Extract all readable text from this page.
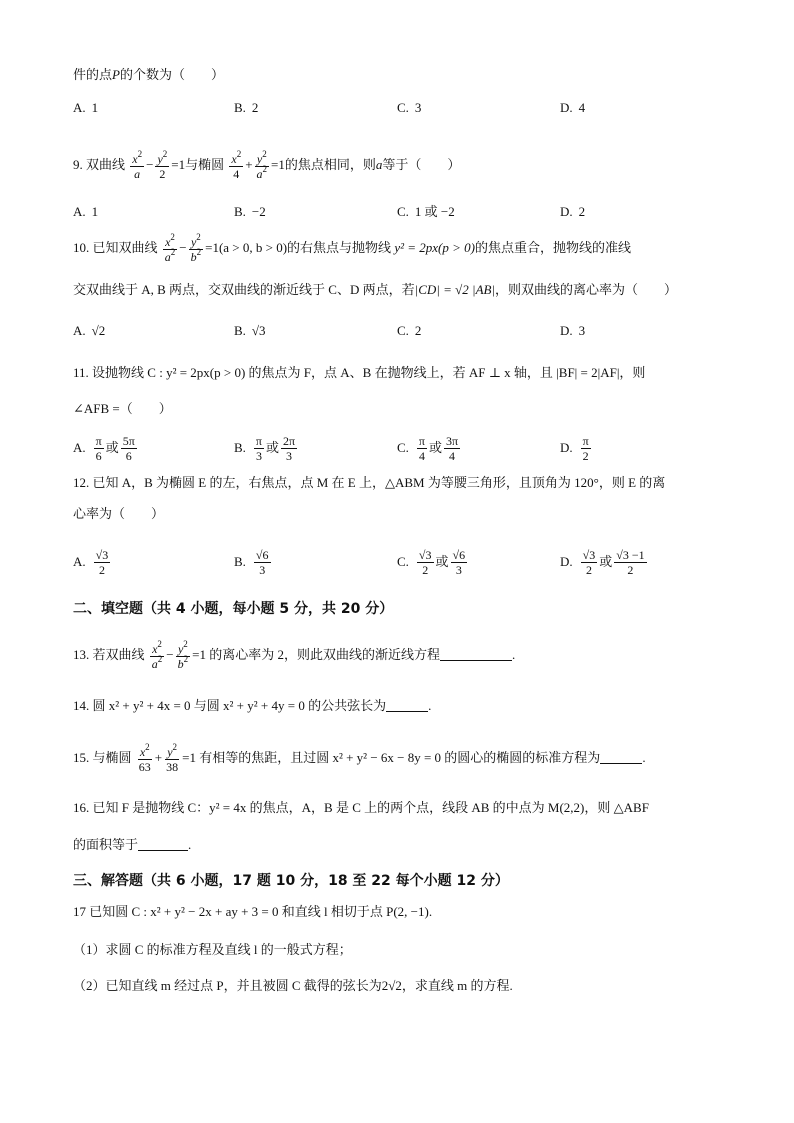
件的点P的个数为（　　）
A. 1	B. 2	C. 3	D. 4
9. 双曲线 $\frac{x^2}{a} - \frac{y^2}{2} =1$与椭圆 $\frac{x^2}{4} + \frac{y^2}{a^2} =1$的焦点相同，则a等于（　　）
A. 1	B. −2	C. 1 或 −2	D. 2
10. 已知双曲线 $\frac{x^2}{a^2} - \frac{y^2}{b^2} =1(a > 0$, b > 0)的右焦点与抛物线 y² = 2px(p > 0)的焦点重合，抛物线的准线
交双曲线于 A, B 两点，交双曲线的渐近线于 C、D 两点，若|CD| = √2 |AB|，则双曲线的离心率为（　　）
A. √2	B. √3	C. 2	D. 3
11. 设抛物线 C : y² = 2px(p > 0) 的焦点为 F，点 A、B 在抛物线上，若 AF ⊥ x 轴，且 |BF| = 2|AF|，则
∠AFB =（　　）
A. $\frac{\pi}{6}$ 或 $\frac{5\pi}{6}$	B. $\frac{\pi}{3}$ 或 $\frac{2\pi}{3}$	C. $\frac{\pi}{4}$ 或 $\frac{3\pi}{4}$	D. $\frac{\pi}{2}$
12. 已知 A，B 为椭圆 E 的左，右焦点，点 M 在 E 上，△ABM 为等腰三角形，且顶角为 120°，则 E 的离
心率为（　　）
A. $\frac{√3}{2}$	B. $\frac{√6}{3}$	C. $\frac{√3}{2}$ 或 $\frac{√6}{3}$	D. $\frac{√3}{2}$ 或 $\frac{√3 -1}{2}$
二、填空题（共 4 小题，每小题 5 分，共 20 分）
13. 若双曲线 $\frac{x^2}{a^2} - \frac{y^2}{b^2} =1$ 的离心率为 2，则此双曲线的渐近线方程	.
14. 圆 x² + y² + 4x = 0 与圆 x² + y² + 4y = 0 的公共弦长为	.
15. 与椭圆 $\frac{x^2}{63} + \frac{y^2}{38} =1$ 有相等的焦距，且过圆 x² + y² − 6x − 8y = 0 的圆心的椭圆的标准方程为	.
16. 已知 F 是抛物线 C：y² = 4x 的焦点，A，B 是 C 上的两个点，线段 AB 的中点为 M(2,2)，则 △ABF
的面积等于	.
三、解答题（共 6 小题，17 题 10 分，18 至 22 每个小题 12 分）
17 已知圆 C : x² + y² − 2x + ay + 3 = 0 和直线 l 相切于点 P(2, −1).
（1）求圆 C 的标准方程及直线 l 的一般式方程；
（2）已知直线 m 经过点 P，并且被圆 C 截得的弦长为2√2，求直线 m 的方程.
